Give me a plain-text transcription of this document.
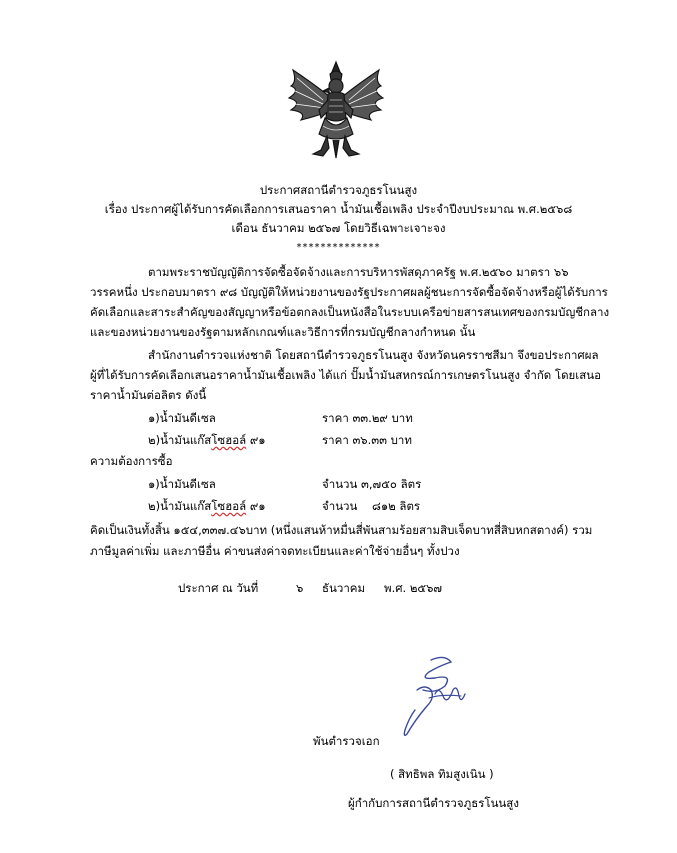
ประกาศสถานีตำรวจภูธรโนนสูง
เรื่อง ประกาศผู้ได้รับการคัดเลือกการเสนอราคา น้ำมันเชื้อเพลิง ประจำปีงบประมาณ พ.ศ.๒๕๖๘
เดือน ธันวาคม ๒๕๖๗ โดยวิธีเฉพาะเจาะจง
**************
ตามพระราชบัญญัติการจัดซื้อจัดจ้างและการบริหารพัสดุภาครัฐ พ.ศ.๒๕๖๐ มาตรา ๖๖
วรรคหนึ่ง ประกอบมาตรา ๙๘ บัญญัติให้หน่วยงานของรัฐประกาศผลผู้ชนะการจัดซื้อจัดจ้างหรือผู้ได้รับการ
คัดเลือกและสาระสำคัญของสัญญาหรือข้อตกลงเป็นหนังสือในระบบเครือข่ายสารสนเทศของกรมบัญชีกลาง
และของหน่วยงานของรัฐตามหลักเกณฑ์และวิธีการที่กรมบัญชีกลางกำหนด นั้น
สำนักงานตำรวจแห่งชาติ โดยสถานีตำรวจภูธรโนนสูง จังหวัดนครราชสีมา จึงขอประกาศผล
ผู้ที่ได้รับการคัดเลือกเสนอราคาน้ำมันเชื้อเพลิง ได้แก่ ปั๊มน้ำมันสหกรณ์การเกษตรโนนสูง จำกัด โดยเสนอ
ราคาน้ำมันต่อลิตร ดังนี้
๑)น้ำมันดีเซล	ราคา ๓๓.๒๙ บาท
๒)น้ำมันแก๊สโซฮอล์ ๙๑	ราคา ๓๖.๓๓ บาท
ความต้องการซื้อ
๑)น้ำมันดีเซล	จำนวน ๓,๗๕๐ ลิตร
๒)น้ำมันแก๊สโซฮอล์ ๙๑	จำนวน    ๘๑๒ ลิตร
คิดเป็นเงินทั้งสิ้น ๑๕๔,๓๓๗.๔๖บาท (หนึ่งแสนห้าหมื่นสี่พันสามร้อยสามสิบเจ็ดบาทสี่สิบหกสตางค์) รวม
ภาษีมูลค่าเพิ่ม และภาษีอื่น ค่าขนส่งค่าจดทะเบียนและค่าใช้จ่ายอื่นๆ ทั้งปวง
ประกาศ ณ วันที่	๖ ธันวาคม พ.ศ. ๒๕๖๗
พันตำรวจเอก
( สิทธิพล ทิมสูงเนิน )
ผู้กำกับการสถานีตำรวจภูธรโนนสูง
